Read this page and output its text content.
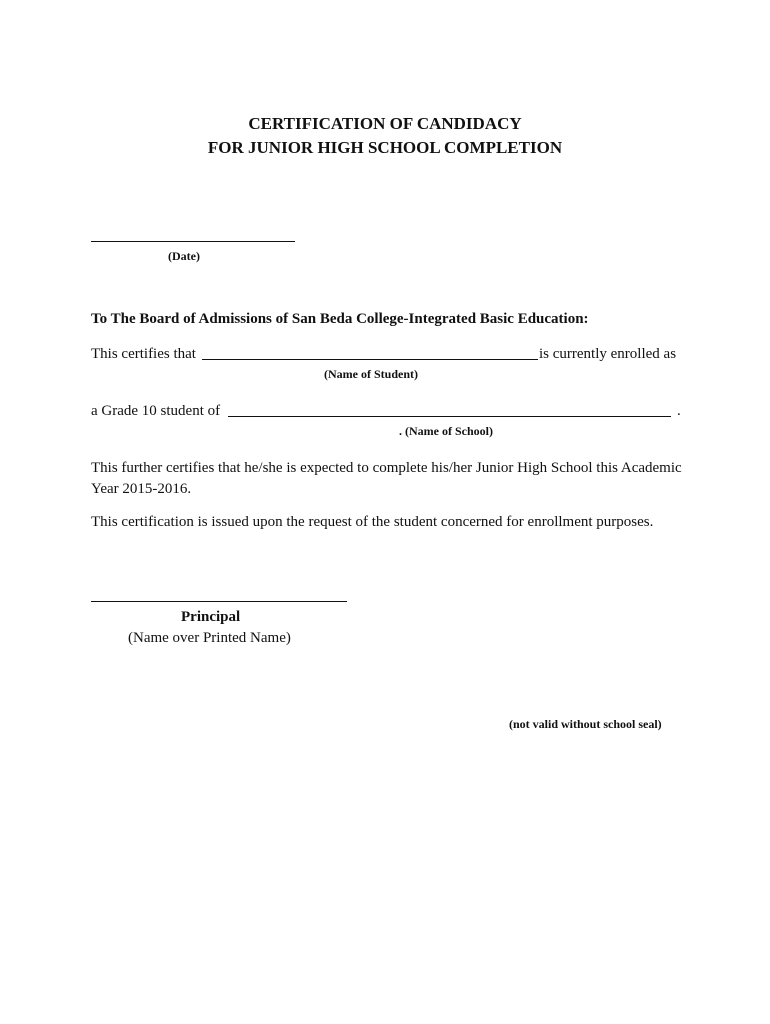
CERTIFICATION OF CANDIDACY
FOR JUNIOR HIGH SCHOOL COMPLETION
(Date)
To The Board of Admissions of San Beda College-Integrated Basic Education:
This certifies that	is currently enrolled as
(Name of Student)
a Grade 10 student of	.
. (Name of School)
This further certifies that he/she is expected to complete his/her Junior High School this Academic Year 2015-2016.
This certification is issued upon the request of the student concerned for enrollment purposes.
Principal
(Name over Printed Name)
(not valid without school seal)
